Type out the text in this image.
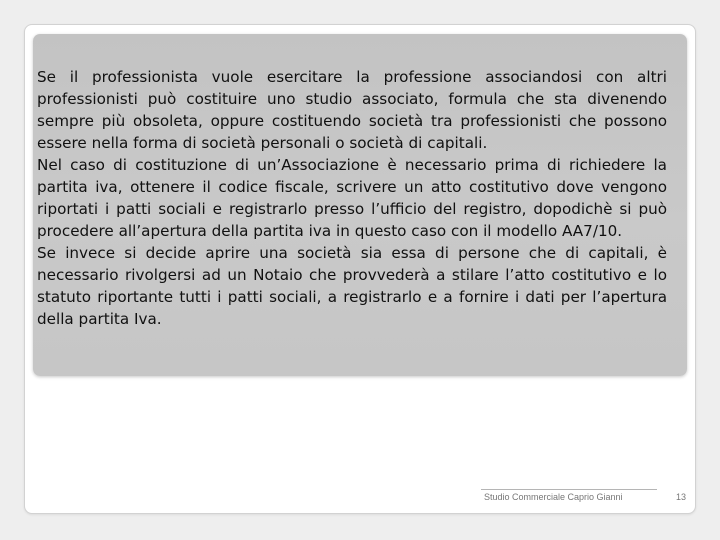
Se il professionista vuole esercitare la professione associandosi con altri professionisti può costituire uno studio associato, formula che sta divenendo sempre più obsoleta, oppure costituendo società tra professionisti che possono essere nella forma di società personali o società di capitali.

Nel caso di costituzione di un’Associazione è necessario prima di richiedere la partita iva, ottenere il codice fiscale, scrivere un atto costitutivo dove vengono riportati i patti sociali e registrarlo presso l’ufficio del registro, dopodichè si può procedere all’apertura della partita iva in questo caso con il modello AA7/10.

Se invece si decide aprire una società sia essa di persone che di capitali, è necessario rivolgersi ad un Notaio che provvederà a stilare l’atto costitutivo e lo statuto riportante tutti i patti sociali, a registrarlo e a fornire i dati per l’apertura della partita Iva.

Studio Commerciale Caprio Gianni	13
